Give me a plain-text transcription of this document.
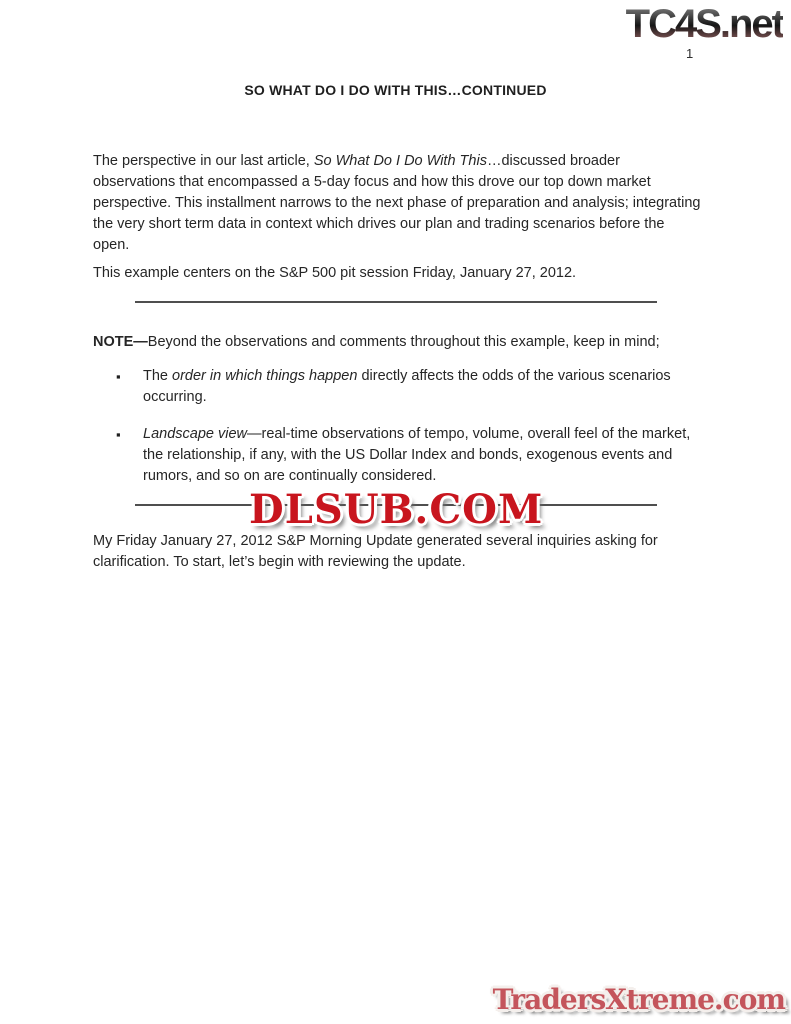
TC4S.net
1
SO WHAT DO I DO WITH THIS…CONTINUED

The perspective in our last article, So What Do I Do With This…discussed broader observations that encompassed a 5-day focus and how this drove our top down market perspective. This installment narrows to the next phase of preparation and analysis; integrating the very short term data in context which drives our plan and trading scenarios before the open.

This example centers on the S&P 500 pit session Friday, January 27, 2012.

NOTE—Beyond the observations and comments throughout this example, keep in mind;

▪ The order in which things happen directly affects the odds of the various scenarios occurring.
▪ Landscape view—real-time observations of tempo, volume, overall feel of the market, the relationship, if any, with the US Dollar Index and bonds, exogenous events and rumors, and so on are continually considered.

My Friday January 27, 2012 S&P Morning Update generated several inquiries asking for clarification. To start, let’s begin with reviewing the update.

DLSUB.COM
TradersXtreme.com
